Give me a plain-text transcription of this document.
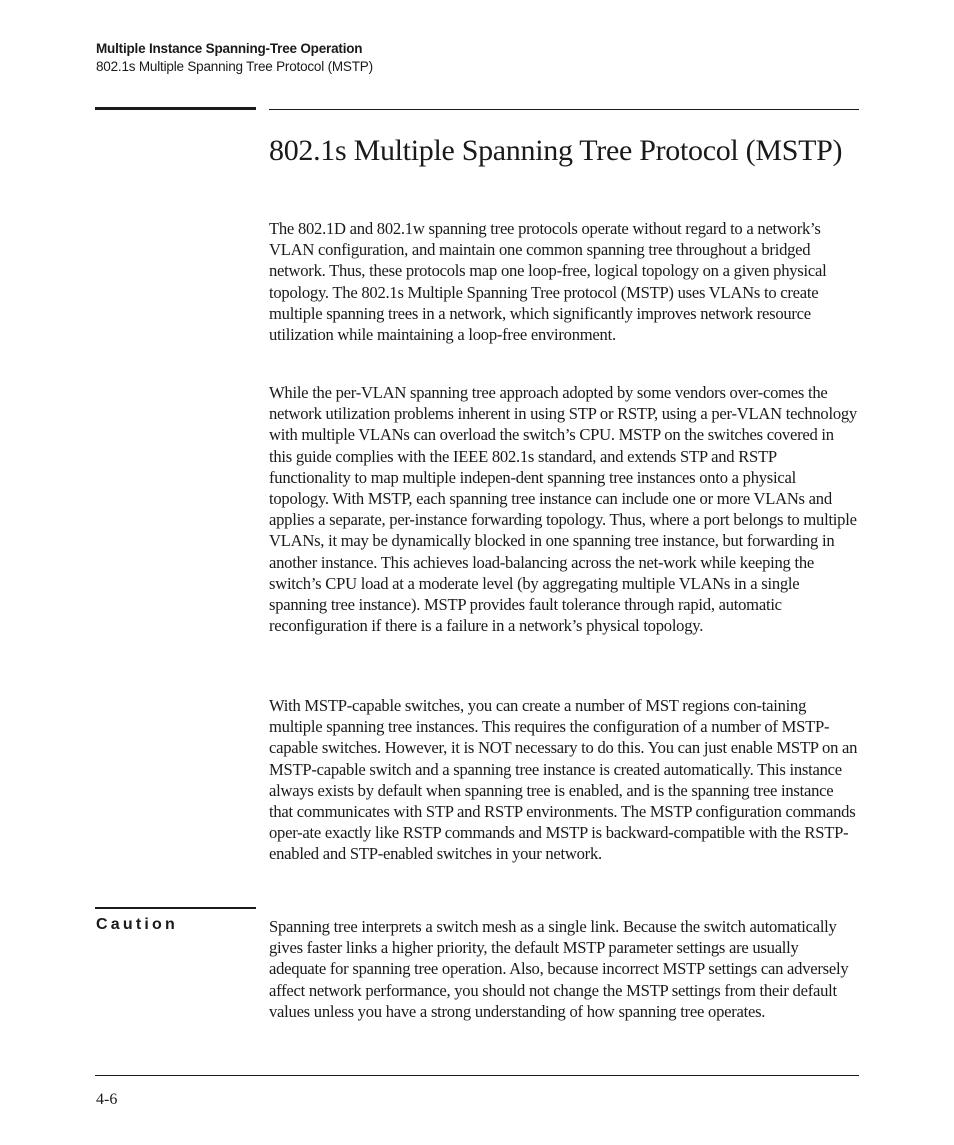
Multiple Instance Spanning-Tree Operation
802.1s Multiple Spanning Tree Protocol (MSTP)
802.1s Multiple Spanning Tree Protocol (MSTP)

The 802.1D and 802.1w spanning tree protocols operate without regard to a network’s VLAN configuration, and maintain one common spanning tree throughout a bridged network. Thus, these protocols map one loop-free, logical topology on a given physical topology. The 802.1s Multiple Spanning Tree protocol (MSTP) uses VLANs to create multiple spanning trees in a network, which significantly improves network resource utilization while maintaining a loop-free environment.

While the per-VLAN spanning tree approach adopted by some vendors over-comes the network utilization problems inherent in using STP or RSTP, using a per-VLAN technology with multiple VLANs can overload the switch’s CPU. MSTP on the switches covered in this guide complies with the IEEE 802.1s standard, and extends STP and RSTP functionality to map multiple indepen-dent spanning tree instances onto a physical topology. With MSTP, each spanning tree instance can include one or more VLANs and applies a separate, per-instance forwarding topology. Thus, where a port belongs to multiple VLANs, it may be dynamically blocked in one spanning tree instance, but forwarding in another instance. This achieves load-balancing across the net-work while keeping the switch’s CPU load at a moderate level (by aggregating multiple VLANs in a single spanning tree instance). MSTP provides fault tolerance through rapid, automatic reconfiguration if there is a failure in a network’s physical topology.

With MSTP-capable switches, you can create a number of MST regions con-taining multiple spanning tree instances. This requires the configuration of a number of MSTP-capable switches. However, it is NOT necessary to do this. You can just enable MSTP on an MSTP-capable switch and a spanning tree instance is created automatically. This instance always exists by default when spanning tree is enabled, and is the spanning tree instance that communicates with STP and RSTP environments. The MSTP configuration commands oper-ate exactly like RSTP commands and MSTP is backward-compatible with the RSTP-enabled and STP-enabled switches in your network.

Caution	Spanning tree interprets a switch mesh as a single link. Because the switch automatically gives faster links a higher priority, the default MSTP parameter settings are usually adequate for spanning tree operation. Also, because incorrect MSTP settings can adversely affect network performance, you should not change the MSTP settings from their default values unless you have a strong understanding of how spanning tree operates.

4-6
